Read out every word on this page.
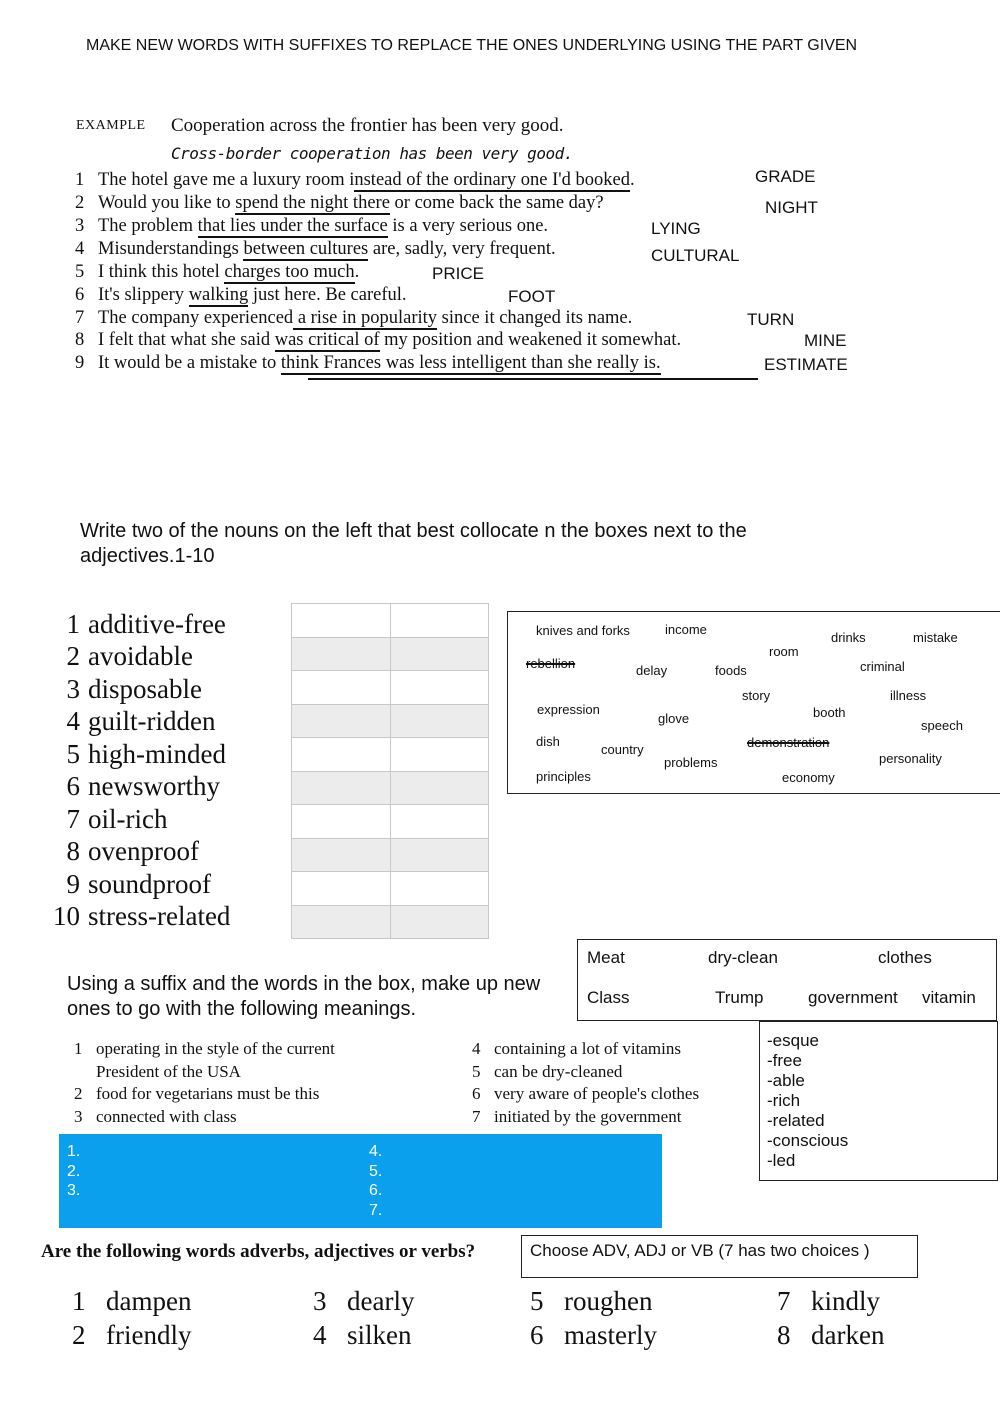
MAKE NEW WORDS WITH SUFFIXES TO REPLACE THE ONES UNDERLYING USING THE PART GIVEN
EXAMPLE Cooperation across the frontier has been very good.
Cross-border cooperation has been very good.
1 The hotel gave me a luxury room instead of the ordinary one I'd booked.	GRADE
2 Would you like to spend the night there or come back the same day?	NIGHT
3 The problem that lies under the surface is a very serious one.	LYING
4 Misunderstandings between cultures are, sadly, very frequent.	CULTURAL
5 I think this hotel charges too much.	PRICE
6 It's slippery walking just here. Be careful.	FOOT
7 The company experienced a rise in popularity since it changed its name.	TURN
8 I felt that what she said was critical of my position and weakened it somewhat.	MINE
9 It would be a mistake to think Frances was less intelligent than she really is.	ESTIMATE
Write two of the nouns on the left that best collocate n the boxes next to the adjectives.1-10
1 additive-free
2 avoidable
3 disposable
4 guilt-ridden
5 high-minded
6 newsworthy
7 oil-rich
8 ovenproof
9 soundproof
10 stress-related

knives and forks	income
drinks	mistake
room
rebellion	delay	foods	criminal
story	illness
expression	booth
glove	speech
dish	demonstration
country
problems	personality
principles	economy
Using a suffix and the words in the box, make up new ones to go with the following meanings.
Meat	dry-clean	clothes
Class	Trump	government vitamin
-esque
-free
-able
-rich
-related
-conscious
-led
1 operating in the style of the current
President of the USA
2 food for vegetarians must be this
3 connected with class
4 containing a lot of vitamins
5 can be dry-cleaned
6 very aware of people's clothes
7 initiated by the government
1.
2.
3.
4.
5.
6.
7.
Are the following words adverbs, adjectives or verbs?	Choose ADV, ADJ or VB (7 has two choices )
1 dampen
2 friendly
3 dearly
4 silken
5 roughen
6 masterly
7 kindly
8 darken
